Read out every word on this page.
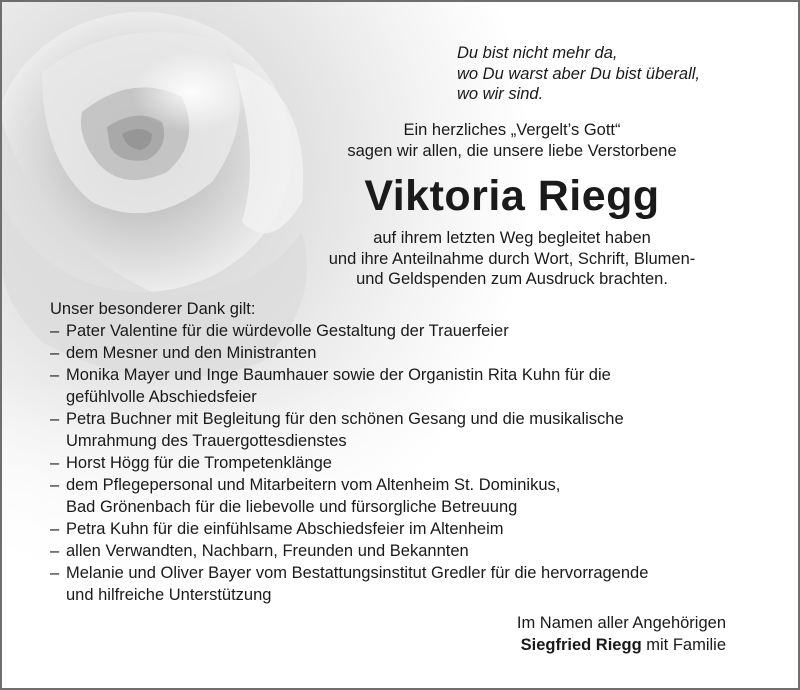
Du bist nicht mehr da,
wo Du warst aber Du bist überall,
wo wir sind.
Ein herzliches „Vergelt’s Gott“
sagen wir allen, die unsere liebe Verstorbene
Viktoria Riegg
auf ihrem letzten Weg begleitet haben
und ihre Anteilnahme durch Wort, Schrift, Blumen-
und Geldspenden zum Ausdruck brachten.
Unser besonderer Dank gilt:
– Pater Valentine für die würdevolle Gestaltung der Trauerfeier
– dem Mesner und den Ministranten
– Monika Mayer und Inge Baumhauer sowie der Organistin Rita Kuhn für die
gefühlvolle Abschiedsfeier
– Petra Buchner mit Begleitung für den schönen Gesang und die musikalische
Umrahmung des Trauergottesdienstes
– Horst Högg für die Trompetenklänge
– dem Pflegepersonal und Mitarbeitern vom Altenheim St. Dominikus,
Bad Grönenbach für die liebevolle und fürsorgliche Betreuung
– Petra Kuhn für die einfühlsame Abschiedsfeier im Altenheim
– allen Verwandten, Nachbarn, Freunden und Bekannten
– Melanie und Oliver Bayer vom Bestattungsinstitut Gredler für die hervorragende
und hilfreiche Unterstützung
Im Namen aller Angehörigen
Siegfried Riegg mit Familie
